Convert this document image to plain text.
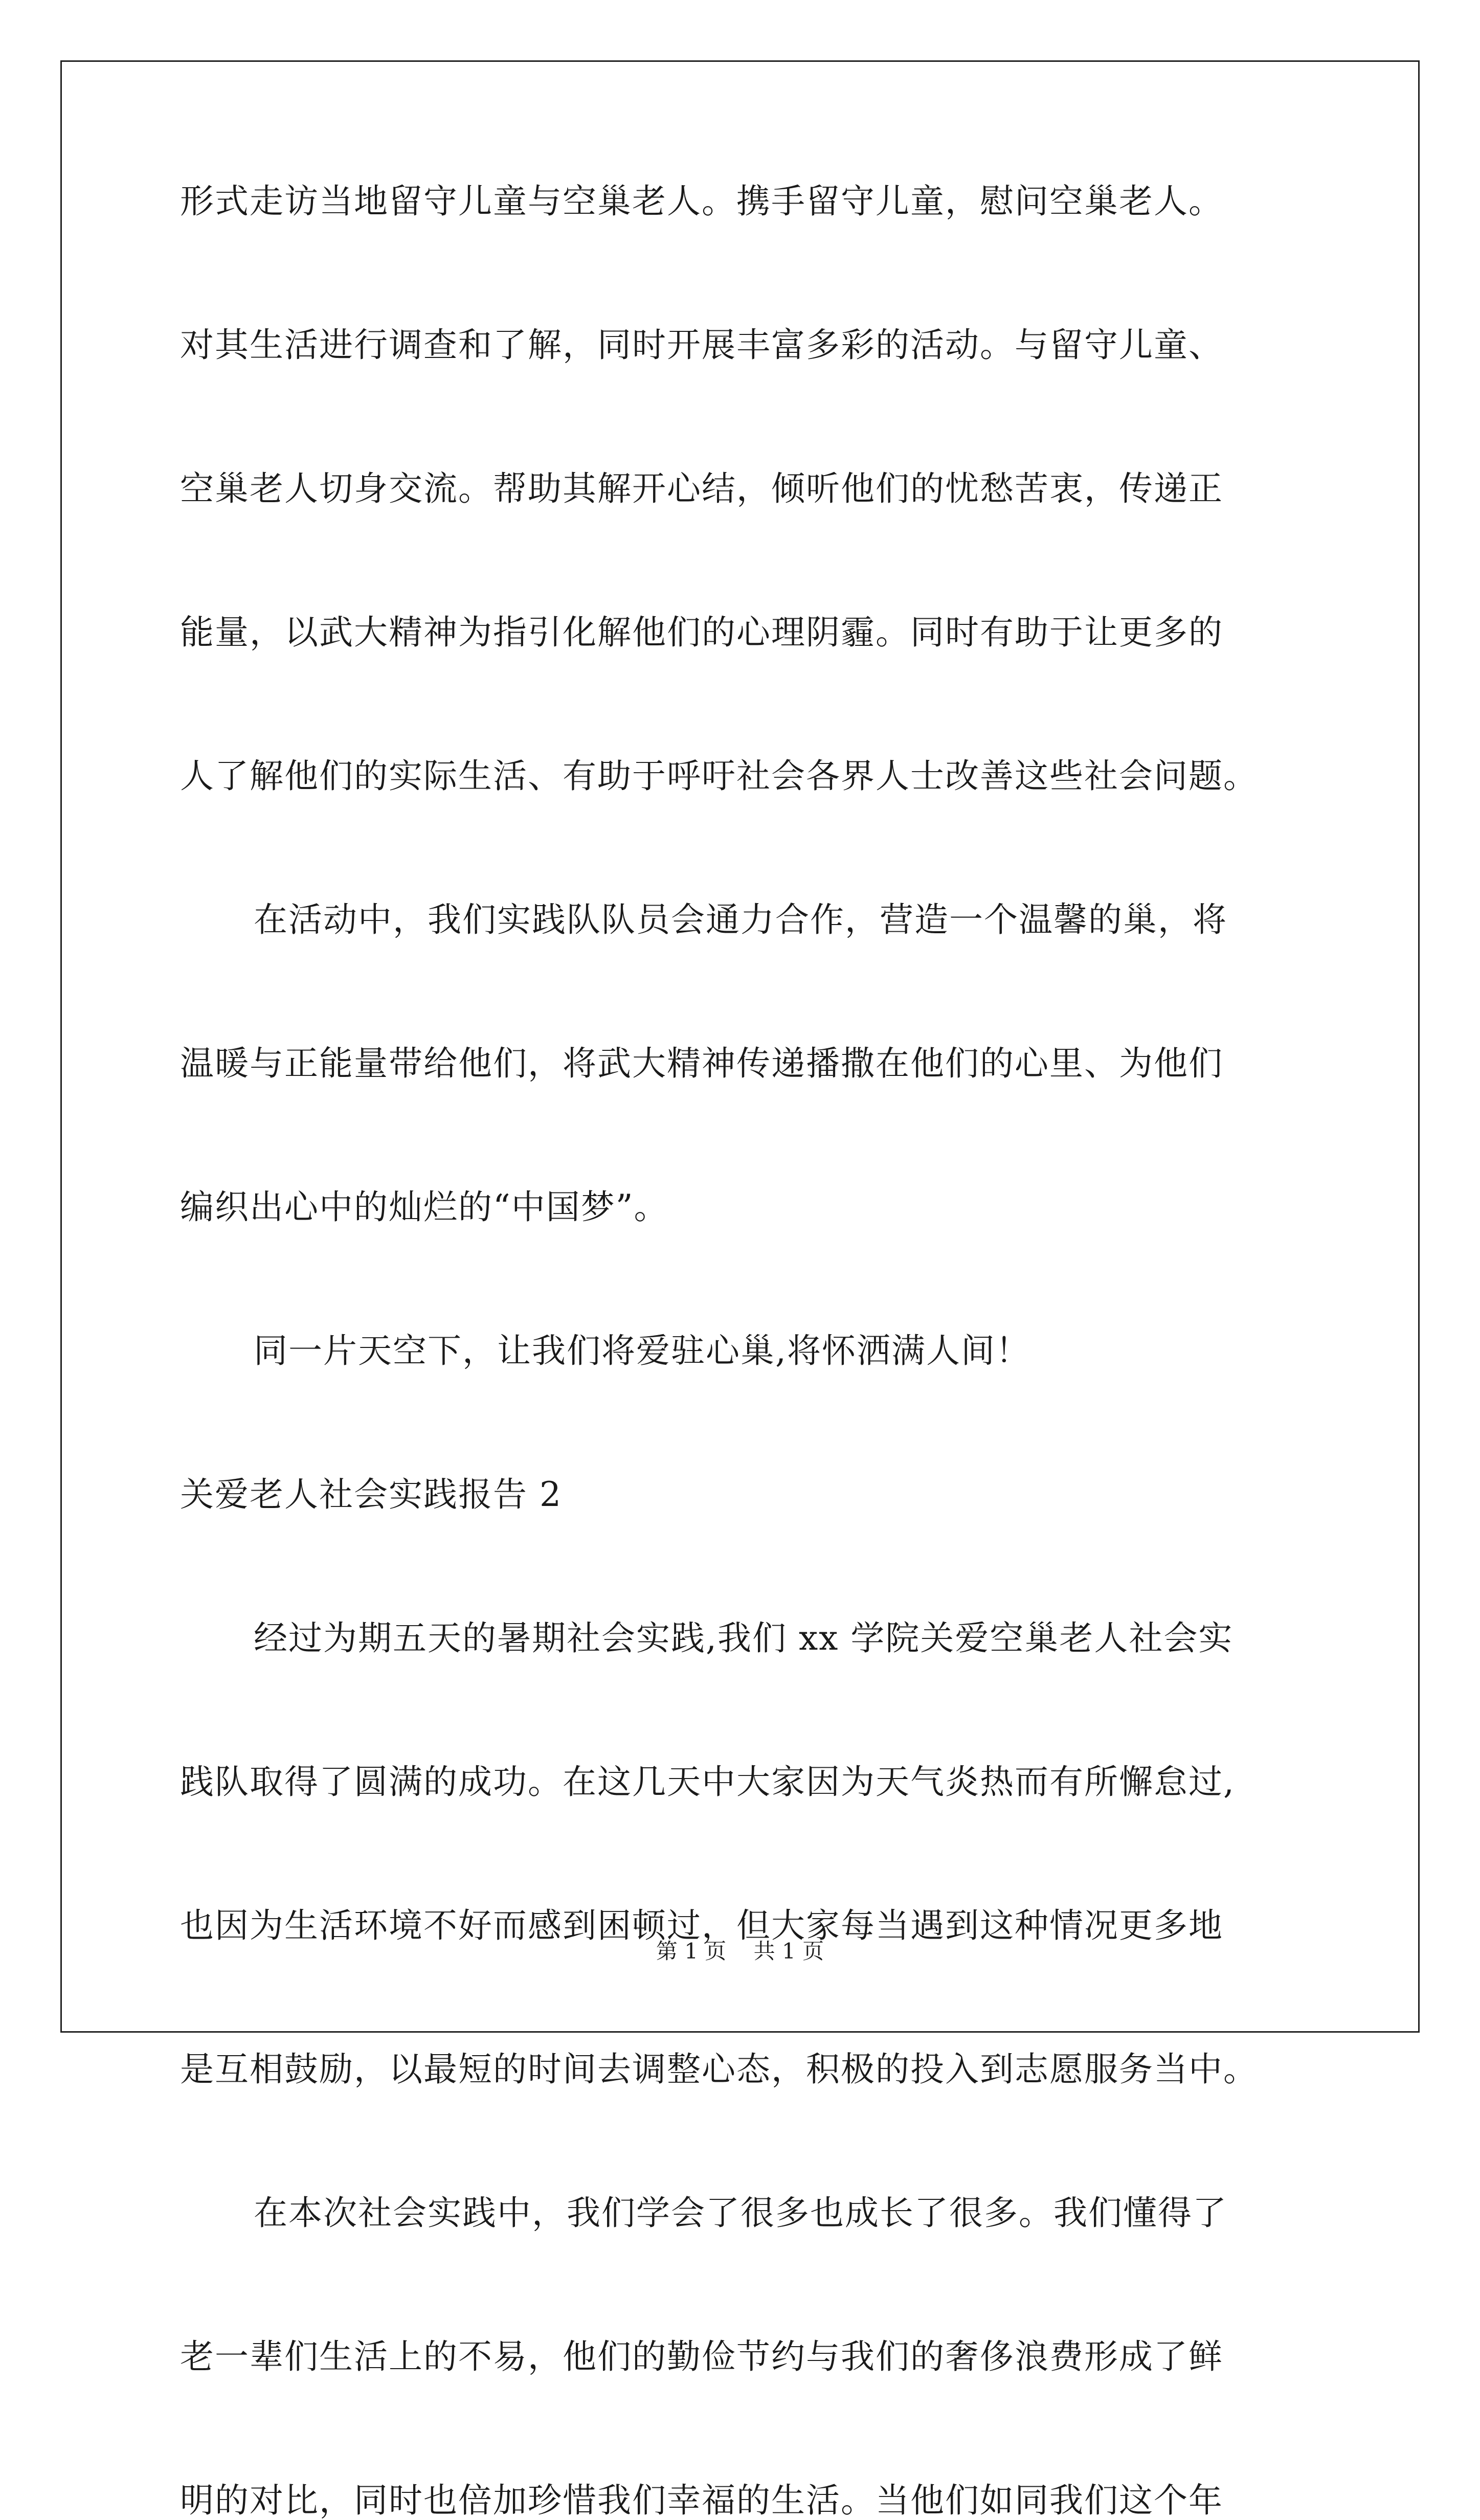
形式走访当地留守儿童与空巢老人。携手留守儿童，慰问空巢老人。
对其生活进行调查和了解，同时开展丰富多彩的活动。与留守儿童、
空巢老人切身交流。帮助其解开心结，倾听他们的忧愁苦衷，传递正
能量，以武大精神为指引化解他们的心理阴霾。同时有助于让更多的
人了解他们的实际生活、有助于呼吁社会各界人士改善这些社会问题。
在活动中，我们实践队队员会通力合作，营造一个温馨的巢，将
温暖与正能量带给他们，将武大精神传递播撒在他们的心里、为他们
编织出心中的灿烂的“中国梦”。
同一片天空下，让我们将爱驻心巢,将怀洒满人间！
关爱老人社会实践报告 2
经过为期五天的暑期社会实践,我们 xx 学院关爱空巢老人社会实
践队取得了圆满的成功。在这几天中大家因为天气炎热而有所懈怠过,
也因为生活环境不好而感到困顿过，但大家每当遇到这种情况更多地
是互相鼓励，以最短的时间去调整心态，积极的投入到志愿服务当中。
在本次社会实践中，我们学会了很多也成长了很多。我们懂得了
老一辈们生活上的不易，他们的勤俭节约与我们的奢侈浪费形成了鲜
明的对比，同时也倍加珍惜我们幸福的生活。当他们如同我们这个年
第 1 页 共 1 页
